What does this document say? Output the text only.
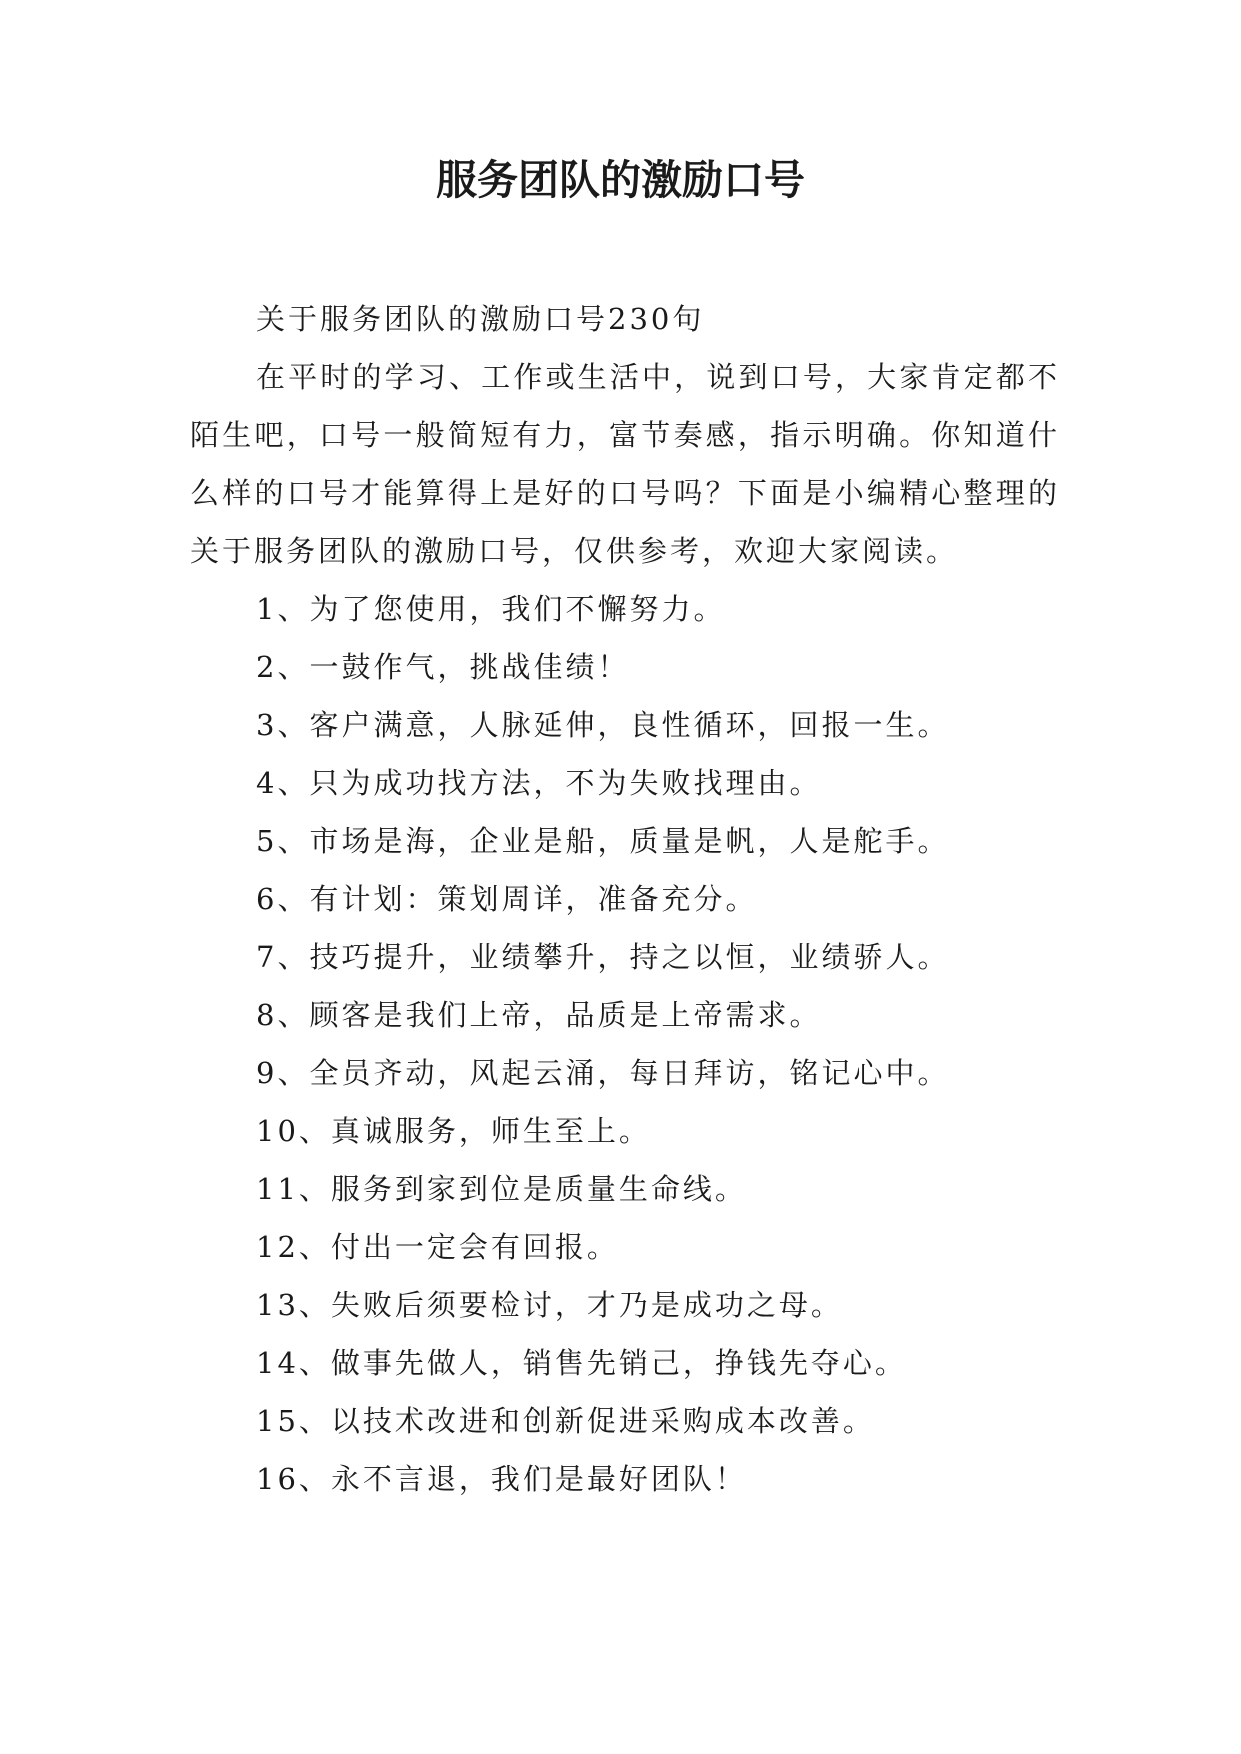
服务团队的激励口号

关于服务团队的激励口号230句

在平时的学习、工作或生活中，说到口号，大家肯定都不陌生吧，口号一般简短有力，富节奏感，指示明确。你知道什么样的口号才能算得上是好的口号吗？下面是小编精心整理的关于服务团队的激励口号，仅供参考，欢迎大家阅读。

1、为了您使用，我们不懈努力。

2、一鼓作气，挑战佳绩！

3、客户满意，人脉延伸，良性循环，回报一生。

4、只为成功找方法，不为失败找理由。

5、市场是海，企业是船，质量是帆，人是舵手。

6、有计划：策划周详，准备充分。

7、技巧提升，业绩攀升，持之以恒，业绩骄人。

8、顾客是我们上帝，品质是上帝需求。

9、全员齐动，风起云涌，每日拜访，铭记心中。

10、真诚服务，师生至上。

11、服务到家到位是质量生命线。

12、付出一定会有回报。

13、失败后须要检讨，才乃是成功之母。

14、做事先做人，销售先销己，挣钱先夺心。

15、以技术改进和创新促进采购成本改善。

16、永不言退，我们是最好团队！
